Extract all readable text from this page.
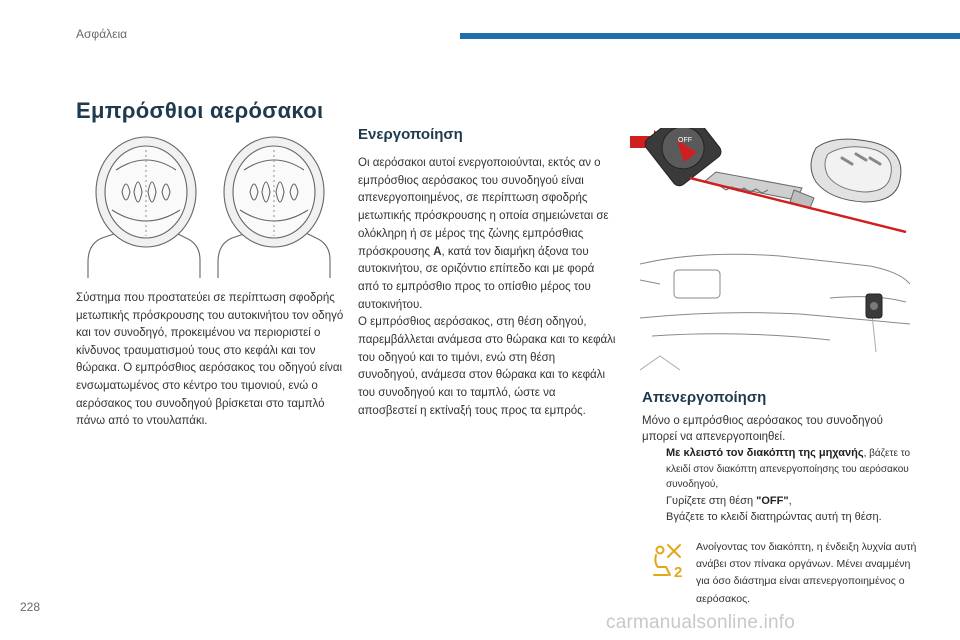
Ασφάλεια
Εμπρόσθιοι αερόσακοι

Σύστημα που προστατεύει σε περίπτωση σφοδρής μετωπικής πρόσκρουσης του αυτοκινήτου τον οδηγό και τον συνοδηγό, προκειμένου να περιοριστεί ο κίνδυνος τραυματισμού τους στο κεφάλι και τον θώρακα. Ο εμπρόσθιος αερόσακος του οδηγού είναι ενσωματωμένος στο κέντρο του τιμονιού, ενώ ο αερόσακος του συνοδηγού βρίσκεται στο ταμπλό πάνω από το ντουλαπάκι.

Ενεργοποίηση

Οι αερόσακοι αυτοί ενεργοποιούνται, εκτός αν ο εμπρόσθιος αερόσακος του συνοδηγού είναι απενεργοποιημένος, σε περίπτωση σφοδρής μετωπικής πρόσκρουσης η οποία σημειώνεται σε ολόκληρη ή σε μέρος της ζώνης εμπρόσθιας πρόσκρουσης A, κατά τον διαμήκη άξονα του αυτοκινήτου, σε οριζόντιο επίπεδο και με φορά από το εμπρόσθιο προς το οπίσθιο μέρος του αυτοκινήτου.
Ο εμπρόσθιος αερόσακος, στη θέση οδηγού, παρεμβάλλεται ανάμεσα στο θώρακα και το κεφάλι του οδηγού και το τιμόνι, ενώ στη θέση συνοδηγού, ανάμεσα στον θώρακα και το κεφάλι του συνοδηγού και το ταμπλό, ώστε να αποσβεστεί η εκτίναξή τους προς τα εμπρός.

ON
OFF
Απενεργοποίηση

Μόνο ο εμπρόσθιος αερόσακος του συνοδηγού μπορεί να απενεργοποιηθεί.

Με κλειστό τον διακόπτη της μηχανής, βάζετε το κλειδί στον διακόπτη απενεργοποίησης του αερόσακου συνοδηγού,
Γυρίζετε στη θέση "OFF",
Βγάζετε το κλειδί διατηρώντας αυτή τη θέση.
2

Ανοίγοντας τον διακόπτη, η ένδειξη λυχνία αυτή ανάβει στον πίνακα οργάνων. Μένει αναμμένη για όσο διάστημα είναι απενεργοποιημένος ο αερόσακος.

228
carmanualsonline.info
